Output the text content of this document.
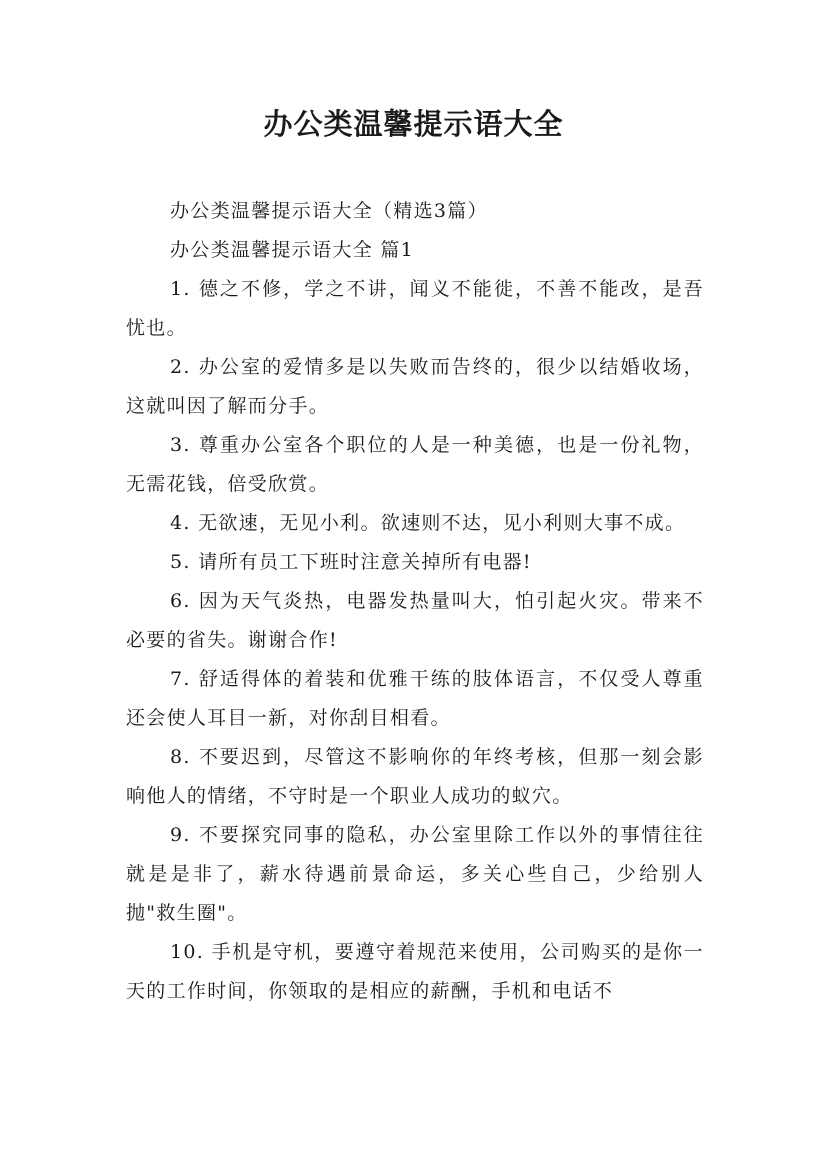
办公类温馨提示语大全

办公类温馨提示语大全（精选3篇）

办公类温馨提示语大全 篇1

1. 德之不修，学之不讲，闻义不能徙，不善不能改，是吾忧也。

2. 办公室的爱情多是以失败而告终的，很少以结婚收场，这就叫因了解而分手。

3. 尊重办公室各个职位的人是一种美德，也是一份礼物，无需花钱，倍受欣赏。

4. 无欲速，无见小利。欲速则不达，见小利则大事不成。

5. 请所有员工下班时注意关掉所有电器!

6. 因为天气炎热，电器发热量叫大，怕引起火灾。带来不必要的省失。谢谢合作!

7. 舒适得体的着装和优雅干练的肢体语言，不仅受人尊重还会使人耳目一新，对你刮目相看。

8. 不要迟到，尽管这不影响你的年终考核，但那一刻会影响他人的情绪，不守时是一个职业人成功的蚁穴。

9. 不要探究同事的隐私，办公室里除工作以外的事情往往就是是非了，薪水待遇前景命运，多关心些自己，少给别人抛"救生圈"。

10. 手机是守机，要遵守着规范来使用，公司购买的是你一天的工作时间，你领取的是相应的薪酬，手机和电话不
